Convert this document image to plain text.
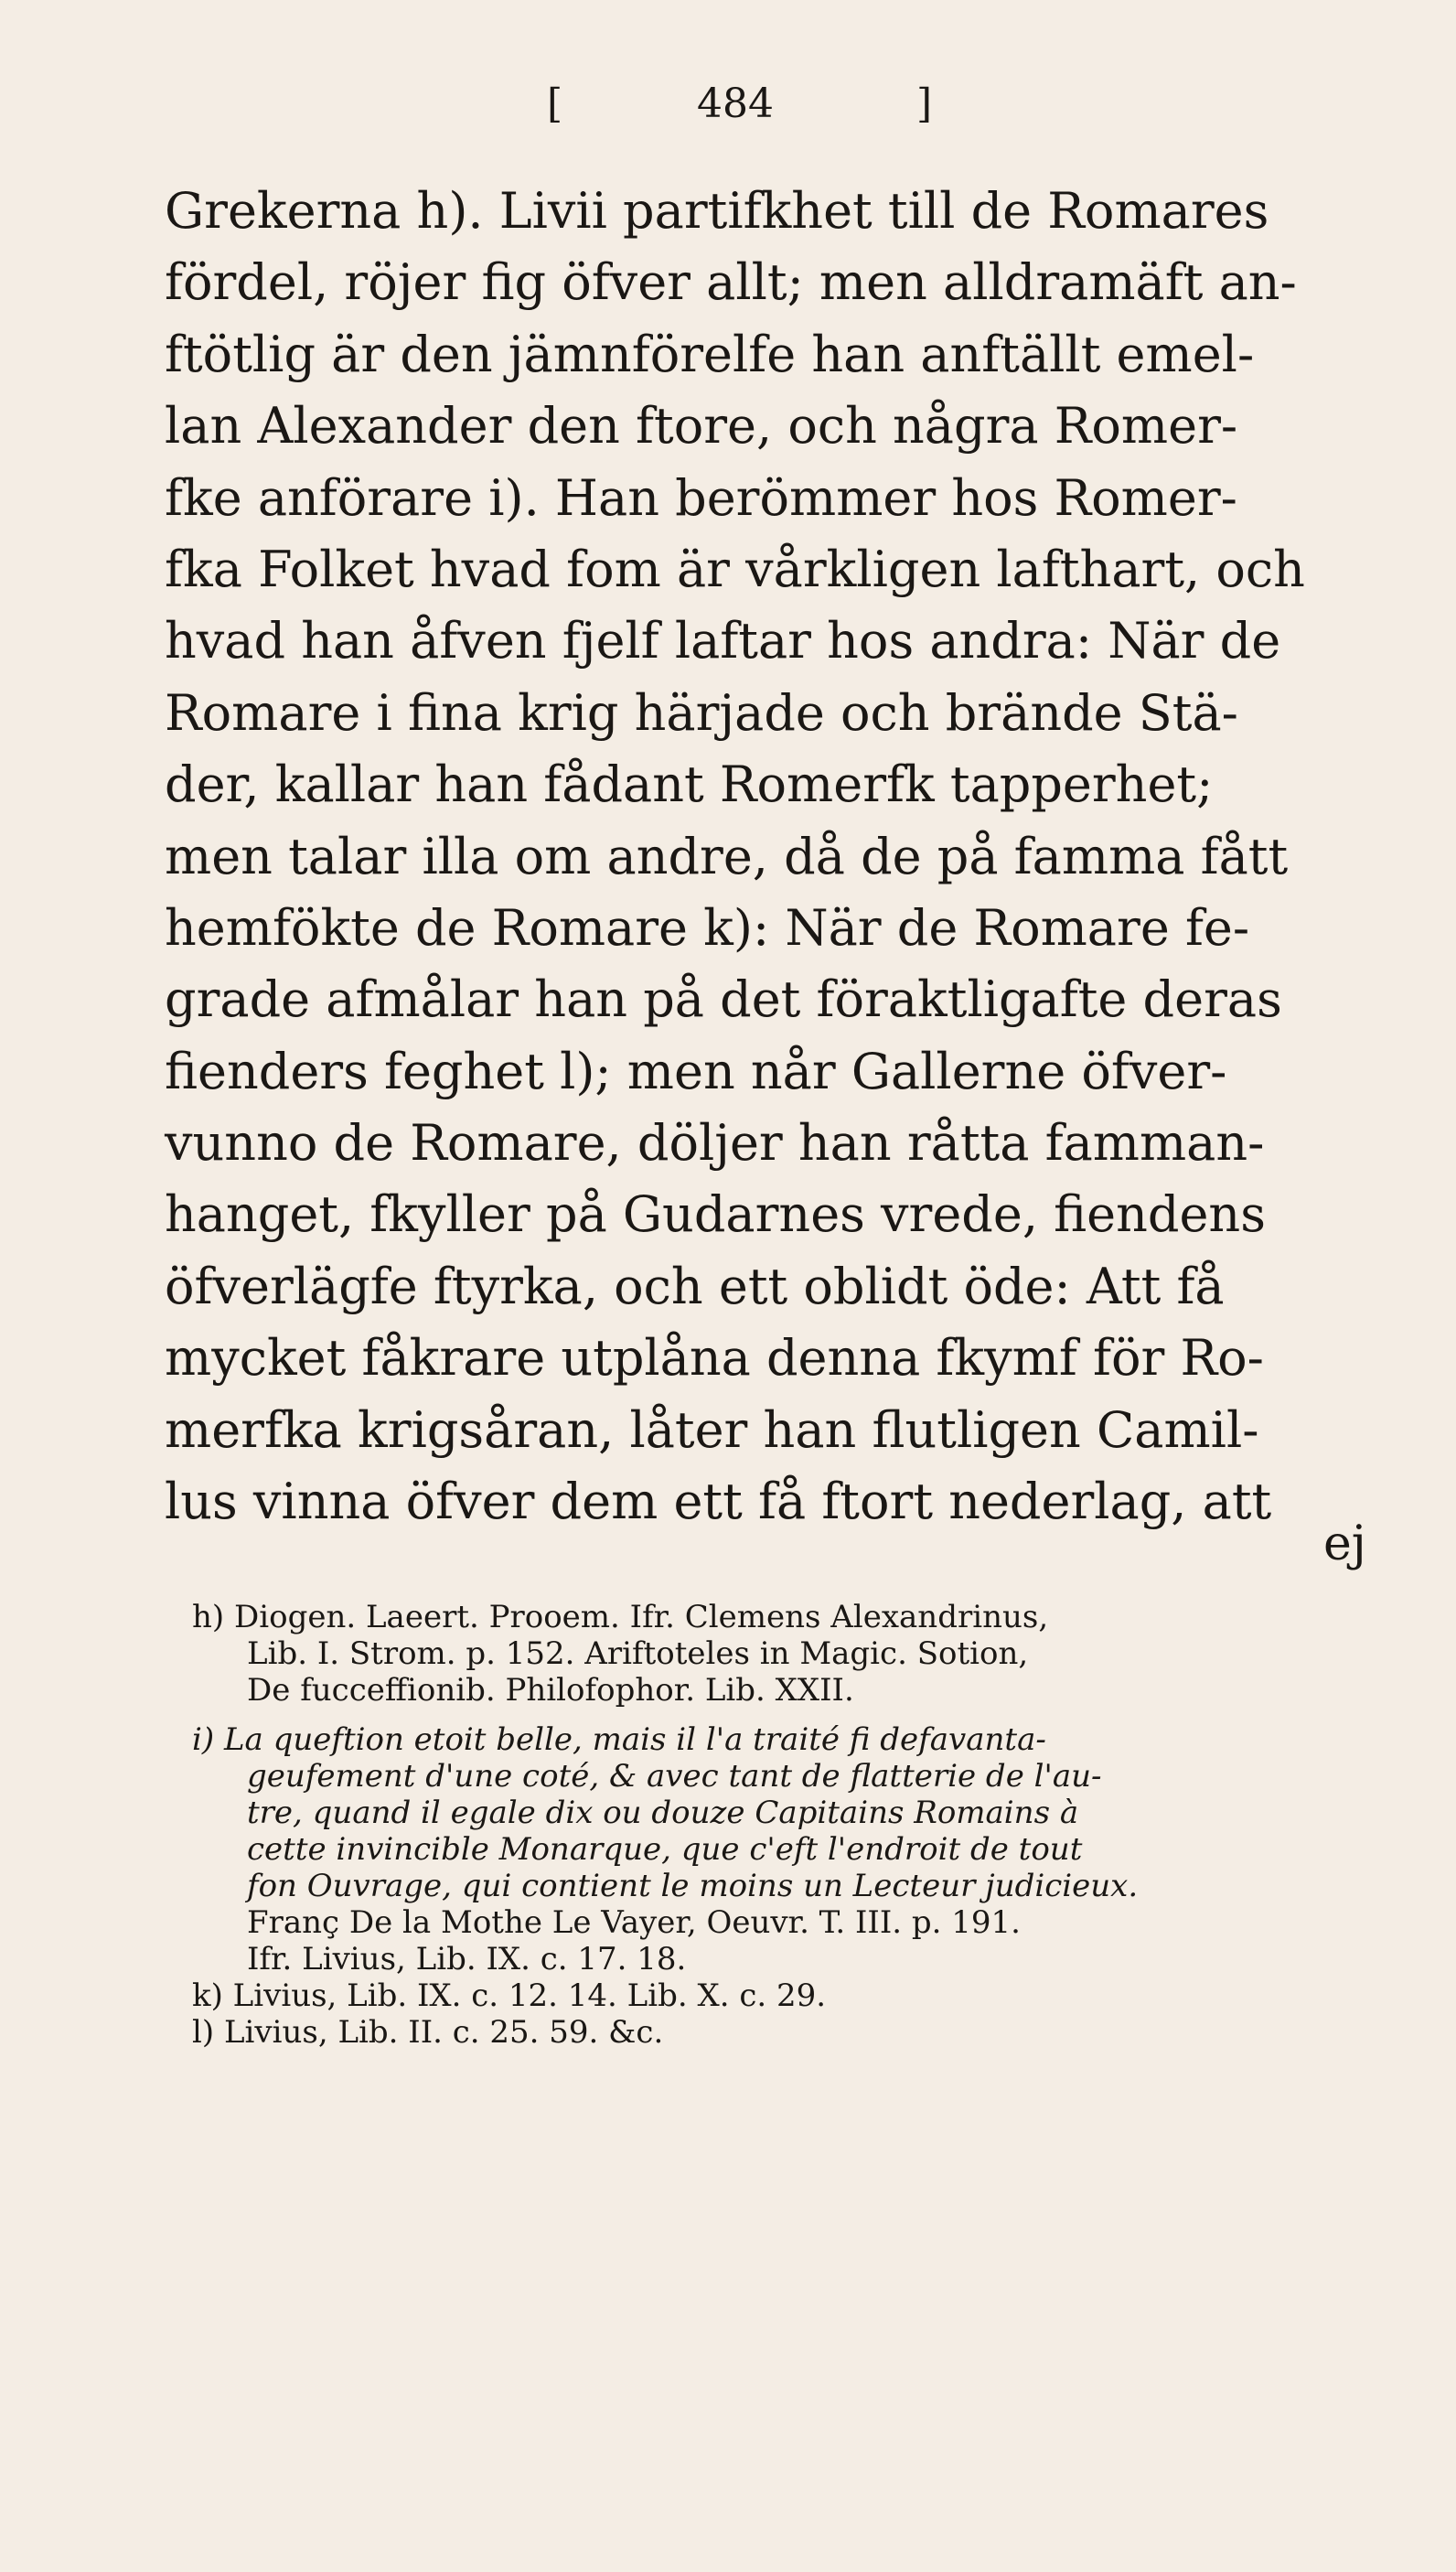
[	484	]
Grekerna h). Livii partifkhet till de Romares
fördel, röjer fig öfver allt; men alldramäft an-
ftötlig är den jämnförelfe han anftällt emel-
lan Alexander den ftore, och några Romer-
fke anförare i). Han berömmer hos Romer-
fka Folket hvad fom är vårkligen lafthart, och
hvad han åfven fjelf laftar hos andra: När de
Romare i fina krig härjade och brände Stä-
der, kallar han fådant Romerfk tapperhet;
men talar illa om andre, då de på famma fått
hemfökte de Romare k): När de Romare fe-
grade afmålar han på det föraktligafte deras
fienders feghet l); men når Gallerne öfver-
vunno de Romare, döljer han råtta famman-
hanget, fkyller på Gudarnes vrede, fiendens
öfverlägfe ftyrka, och ett oblidt öde: Att få
mycket fåkrare utplåna denna fkymf för Ro-
merfka krigsåran, låter han flutligen Camil-
lus vinna öfver dem ett få ftort nederlag, att
ej
h) Diogen. Laeert. Prooem. Ifr. Clemens Alexandrinus,
Lib. I. Strom. p. 152. Ariftoteles in Magic. Sotion,
De fucceffionib. Philofophor. Lib. XXII.
i) La queftion etoit belle, mais il l'a traité fi defavanta-
geufement d'une coté, & avec tant de flatterie de l'au-
tre, quand il egale dix ou douze Capitains Romains à
cette invincible Monarque, que c'eft l'endroit de tout
fon Ouvrage, qui contient le moins un Lecteur judicieux.
Franç De la Mothe Le Vayer, Oeuvr. T. III. p. 191.
Ifr. Livius, Lib. IX. c. 17. 18.
k) Livius, Lib. IX. c. 12. 14. Lib. X. c. 29.
l) Livius, Lib. II. c. 25. 59. &c.
